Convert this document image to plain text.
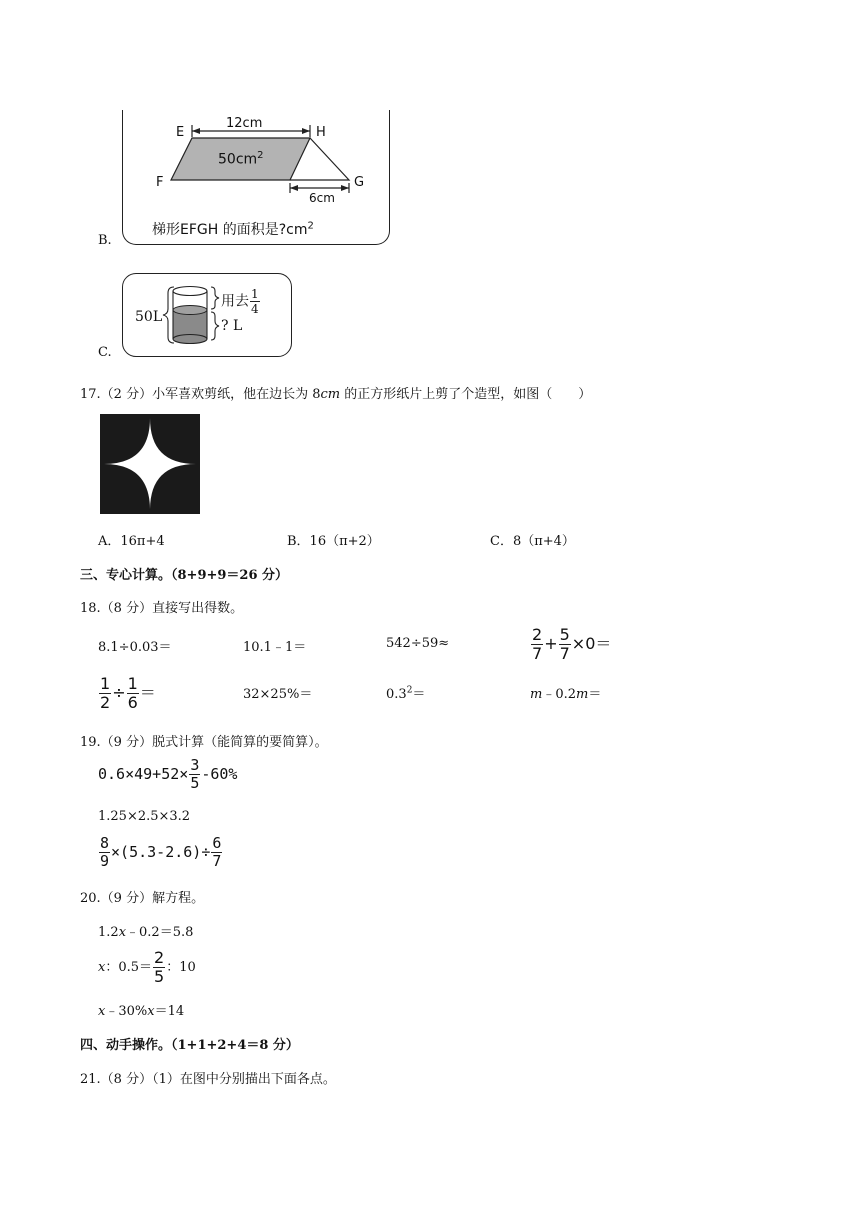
12cm
E	H
F	G
$50cm^2$
6cm
梯形EFGH 的面积是$?cm^2$
B.
50L
用去 $\frac{1}{4}$
? L
C.
17.（2 分）小军喜欢剪纸，他在边长为 8cm 的正方形纸片上剪了个造型，如图（　　）
A．16π+4	B．16（π+2）	C．8（π+4）
三、专心计算。（8+9+9＝26 分）
18.（8 分）直接写出得数。
8.1÷0.03＝	10.1﹣1＝	542÷59≈	$\frac{2}{7} + \frac{5}{7} \times 0=$
$\frac{1}{2} \div \frac{1}{6}$ ＝	32×25%＝	$0.3^2=$	m﹣0.2m＝
19.（9 分）脱式计算（能简算的要简算）。
$0.6\times 49+52\times \frac{3}{5} -60\%$
1.25×2.5×3.2
$\frac{8}{9} \times(5.3-2.6)\div \frac{6}{7}$
20.（9 分）解方程。
1.2x﹣0.2＝5.8
x：$0.5= \frac{2}{5}$ ：10
x﹣30%x＝14
四、动手操作。（1+1+2+4＝8 分）
21.（8 分）（1）在图中分别描出下面各点。
